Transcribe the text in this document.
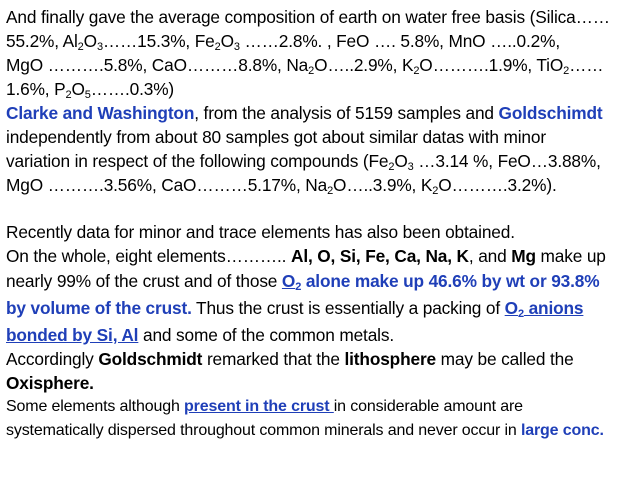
And finally gave the average composition of earth on water free basis (Silica……
55.2%, $Al_2O_3\dots\dots 15.3\%$, $Fe_2O_3$ ……2.8%. , FeO …. 5.8%, MnO …..0.2%,
MgO ……….5.8%, CaO………8.8%, $Na_2O\dots..2.9\%$, $K_2O\dots\dots\dots.1.9\%$, TiO$_2$……
1.6%, $P_2O_5\dots\dots.0.3\%$)
Clarke and Washington, from the analysis of 5159 samples and Goldschimdt
independently from about 80 samples got about similar datas with minor
variation in respect of the following compounds ($Fe_2O_3$ …3.14 %, FeO…3.88%,
MgO ……….3.56%, CaO………5.17%, $Na_2O\dots..3.9\%$, $K_2O\dots\dots\dots.3.2\%$).
Recently data for minor and trace elements has also been obtained.
On the whole, eight elements……….. Al, O, Si, Fe, Ca, Na, K, and Mg make up
nearly 99% of the crust and of those $O_2$ alone make up 46.6% by wt or 93.8%
by volume of the crust. Thus the crust is essentially a packing of $O_2$ anions
bonded by Si, Al and some of the common metals.
Accordingly Goldschmidt remarked that the lithosphere may be called the
Oxisphere.
Some elements although present in the crust in considerable amount are
systematically dispersed throughout common minerals and never occur in large conc.
